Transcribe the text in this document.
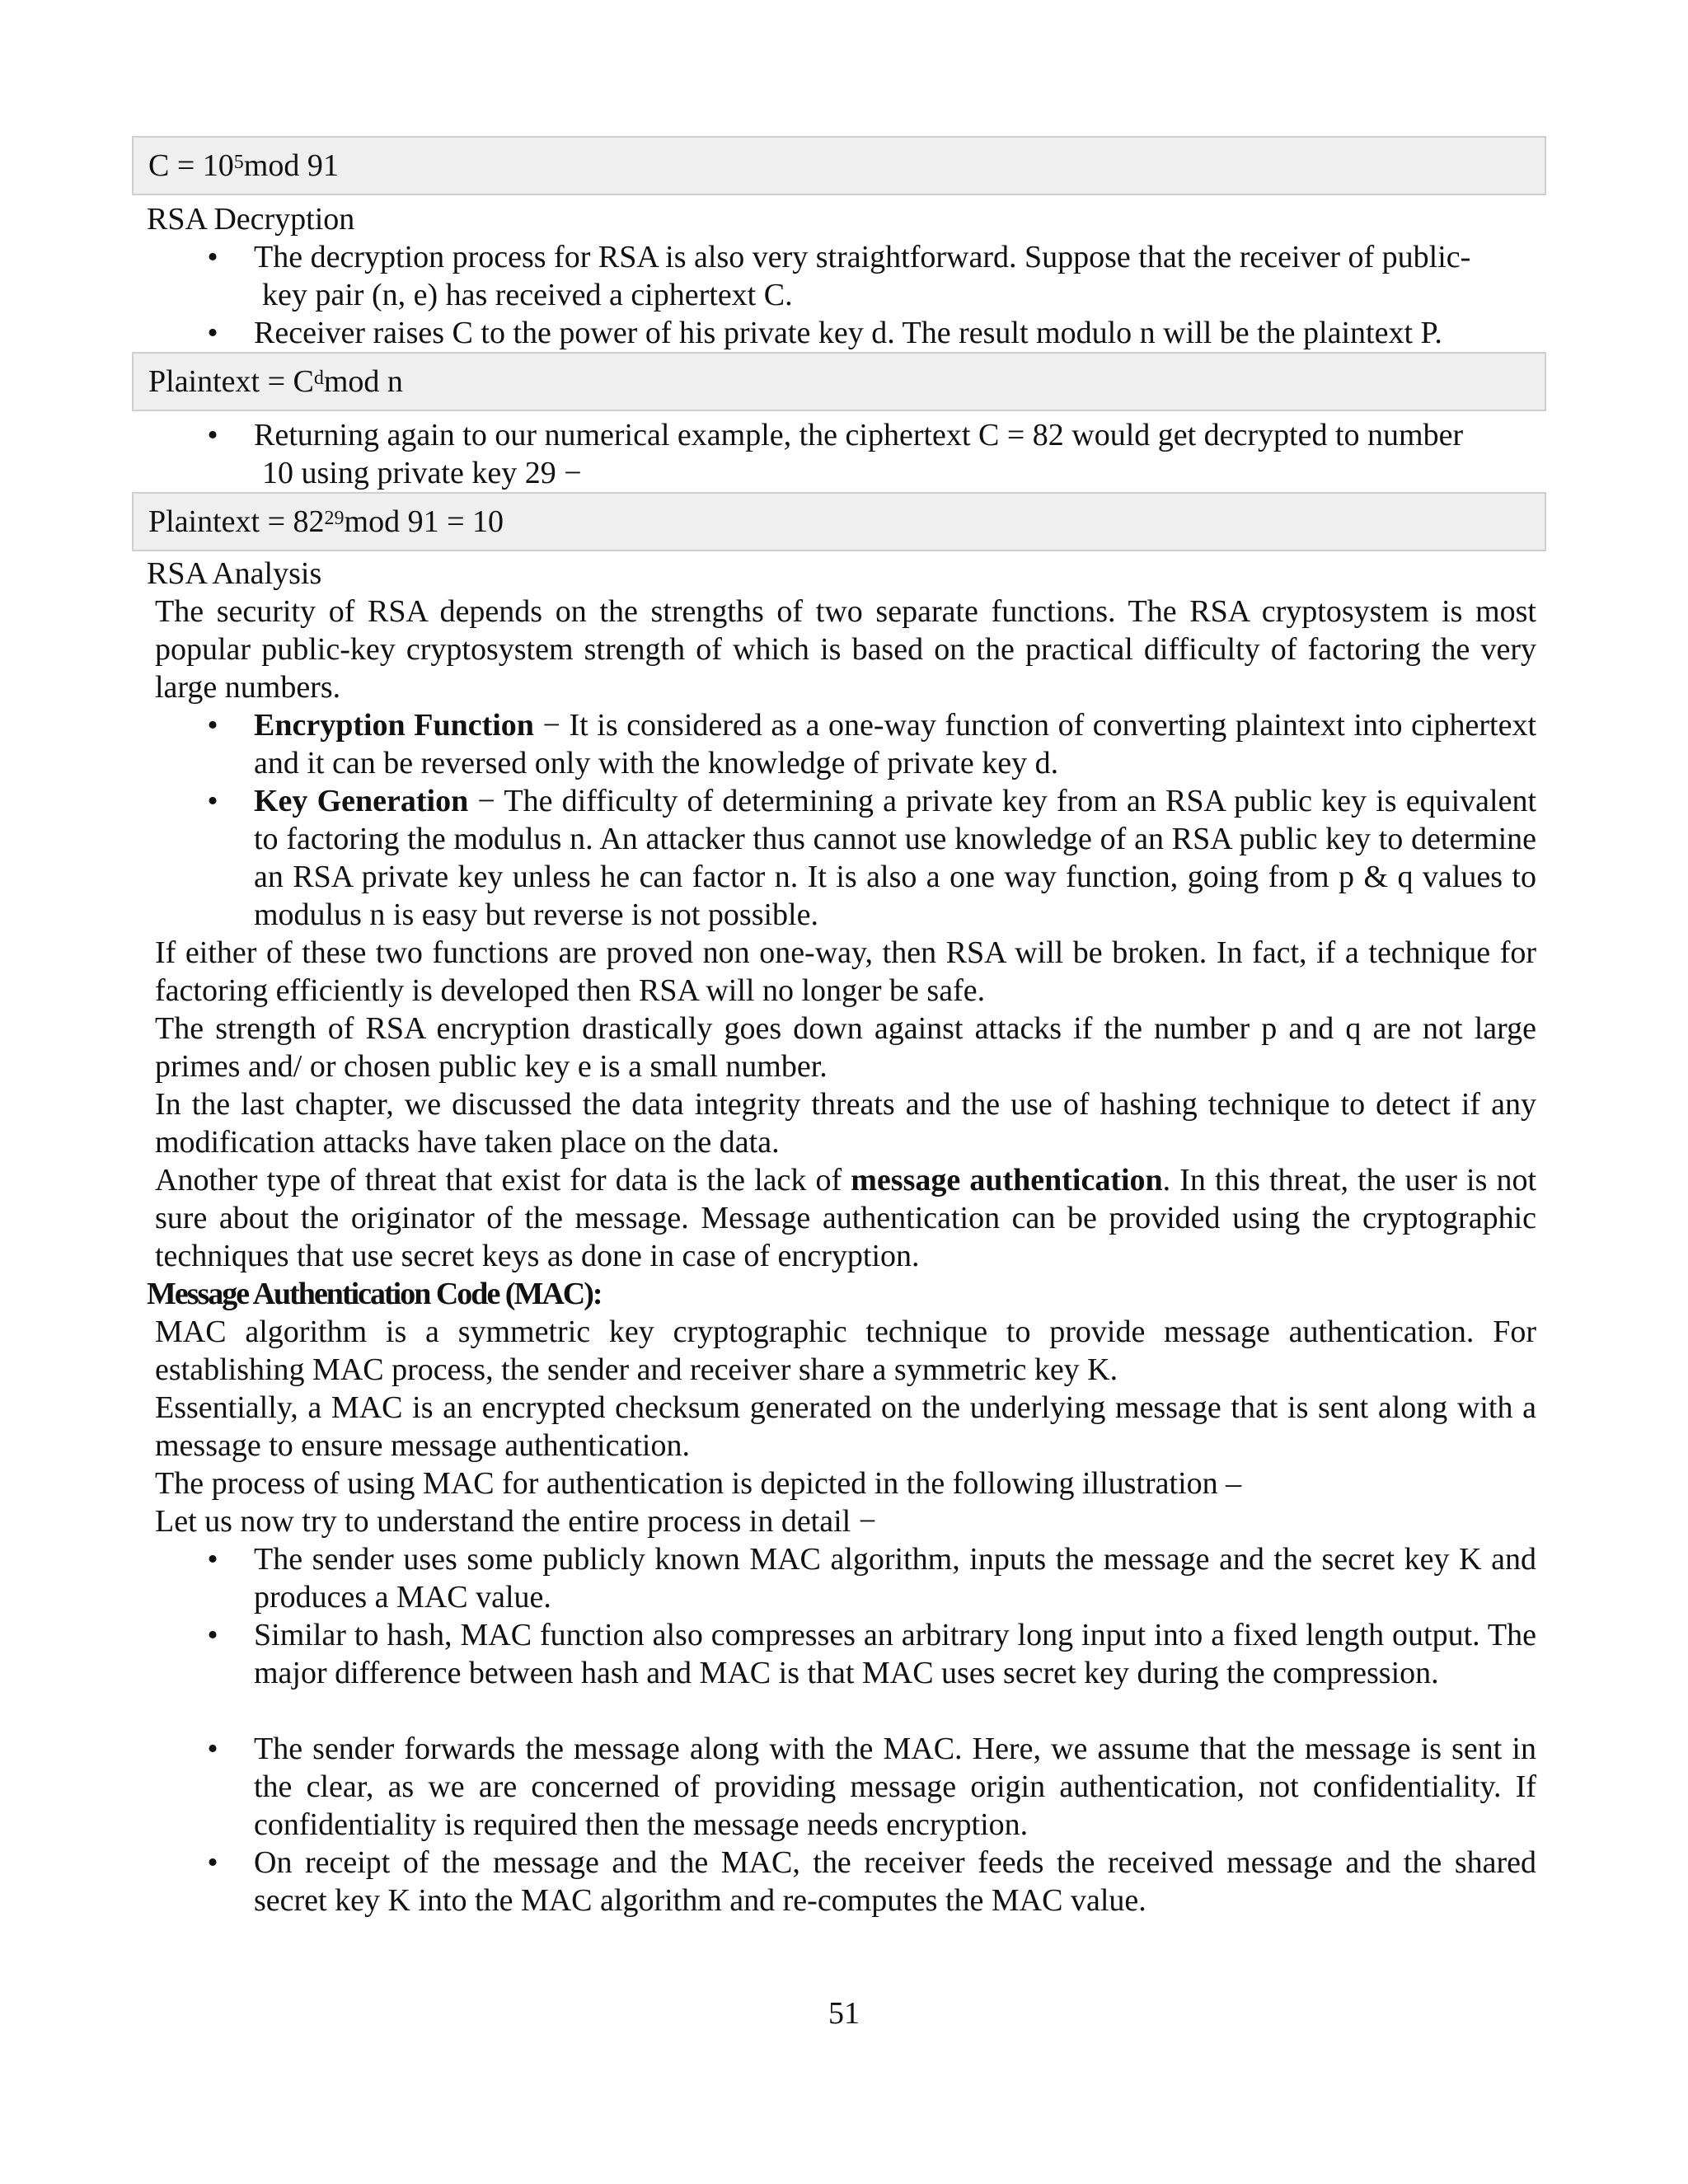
$C = 10^5$ mod 91
RSA Decryption
• The decryption process for RSA is also very straightforward. Suppose that the receiver of public-
key pair (n, e) has received a ciphertext C.
• Receiver raises C to the power of his private key d. The result modulo n will be the plaintext P.
Plaintext = $C^d$ mod n
• Returning again to our numerical example, the ciphertext C = 82 would get decrypted to number
10 using private key 29 −
Plaintext = $82^{29}$ mod 91 = 10
RSA Analysis
The security of RSA depends on the strengths of two separate functions. The RSA cryptosystem is most popular public-key cryptosystem strength of which is based on the practical difficulty of factoring the very large numbers.
• Encryption Function − It is considered as a one-way function of converting plaintext into ciphertext and it can be reversed only with the knowledge of private key d.
• Key Generation − The difficulty of determining a private key from an RSA public key is equivalent to factoring the modulus n. An attacker thus cannot use knowledge of an RSA public key to determine an RSA private key unless he can factor n. It is also a one way function, going from p & q values to modulus n is easy but reverse is not possible.
If either of these two functions are proved non one-way, then RSA will be broken. In fact, if a technique for factoring efficiently is developed then RSA will no longer be safe.
The strength of RSA encryption drastically goes down against attacks if the number p and q are not large primes and/ or chosen public key e is a small number.
In the last chapter, we discussed the data integrity threats and the use of hashing technique to detect if any modification attacks have taken place on the data.
Another type of threat that exist for data is the lack of message authentication. In this threat, the user is not sure about the originator of the message. Message authentication can be provided using the cryptographic techniques that use secret keys as done in case of encryption.
Message Authentication Code (MAC):
MAC algorithm is a symmetric key cryptographic technique to provide message authentication. For establishing MAC process, the sender and receiver share a symmetric key K.
Essentially, a MAC is an encrypted checksum generated on the underlying message that is sent along with a message to ensure message authentication.
The process of using MAC for authentication is depicted in the following illustration –
Let us now try to understand the entire process in detail −
• The sender uses some publicly known MAC algorithm, inputs the message and the secret key K and produces a MAC value.
• Similar to hash, MAC function also compresses an arbitrary long input into a fixed length output. The major difference between hash and MAC is that MAC uses secret key during the compression.
• The sender forwards the message along with the MAC. Here, we assume that the message is sent in the clear, as we are concerned of providing message origin authentication, not confidentiality. If confidentiality is required then the message needs encryption.
• On receipt of the message and the MAC, the receiver feeds the received message and the shared secret key K into the MAC algorithm and re-computes the MAC value.
51
